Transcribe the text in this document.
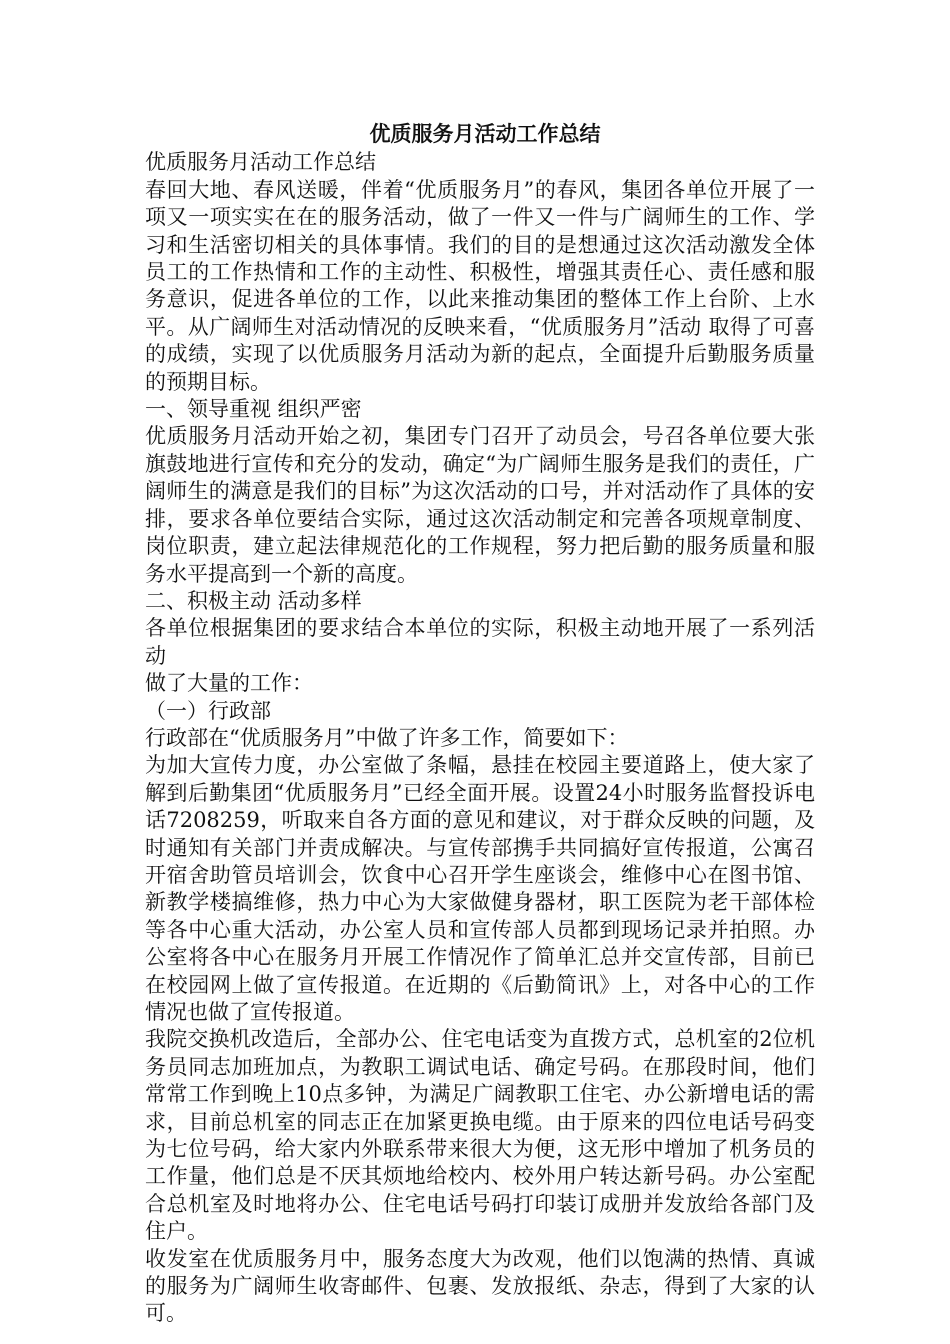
优质服务月活动工作总结

优质服务月活动工作总结

春回大地、春风送暖，伴着“优质服务月”的春风，集团各单位开展了一项又一项实实在在的服务活动，做了一件又一件与广阔师生的工作、学习和生活密切相关的具体事情。我们的目的是想通过这次活动激发全体员工的工作热情和工作的主动性、积极性，增强其责任心、责任感和服务意识，促进各单位的工作，以此来推动集团的整体工作上台阶、上水平。从广阔师生对活动情况的反映来看，“优质服务月”活动 取得了可喜的成绩，实现了以优质服务月活动为新的起点，全面提升后勤服务质量的预期目标。

一、领导重视 组织严密

优质服务月活动开始之初，集团专门召开了动员会，号召各单位要大张旗鼓地进行宣传和充分的发动，确定“为广阔师生服务是我们的责任，广阔师生的满意是我们的目标”为这次活动的口号，并对活动作了具体的安排，要求各单位要结合实际，通过这次活动制定和完善各项规章制度、岗位职责，建立起法律规范化的工作规程，努力把后勤的服务质量和服务水平提高到一个新的高度。

二、积极主动 活动多样

各单位根据集团的要求结合本单位的实际，积极主动地开展了一系列活动

做了大量的工作：

（一）行政部

行政部在“优质服务月”中做了许多工作，简要如下：

为加大宣传力度，办公室做了条幅，悬挂在校园主要道路上，使大家了解到后勤集团“优质服务月”已经全面开展。设置24小时服务监督投诉电话7208259，听取来自各方面的意见和建议，对于群众反映的问题，及时通知有关部门并责成解决。与宣传部携手共同搞好宣传报道，公寓召开宿舍助管员培训会，饮食中心召开学生座谈会，维修中心在图书馆、新教学楼搞维修，热力中心为大家做健身器材，职工医院为老干部体检等各中心重大活动，办公室人员和宣传部人员都到现场记录并拍照。办公室将各中心在服务月开展工作情况作了简单汇总并交宣传部，目前已在校园网上做了宣传报道。在近期的《后勤简讯》上，对各中心的工作情况也做了宣传报道。

我院交换机改造后，全部办公、住宅电话变为直拨方式，总机室的2位机务员同志加班加点，为教职工调试电话、确定号码。在那段时间，他们常常工作到晚上10点多钟，为满足广阔教职工住宅、办公新增电话的需求，目前总机室的同志正在加紧更换电缆。由于原来的四位电话号码变为七位号码，给大家内外联系带来很大为便，这无形中增加了机务员的工作量，他们总是不厌其烦地给校内、校外用户转达新号码。办公室配合总机室及时地将办公、住宅电话号码打印装订成册并发放给各部门及住户。

收发室在优质服务月中，服务态度大为改观，他们以饱满的热情、真诚的服务为广阔师生收寄邮件、包裹、发放报纸、杂志，得到了大家的认可。
